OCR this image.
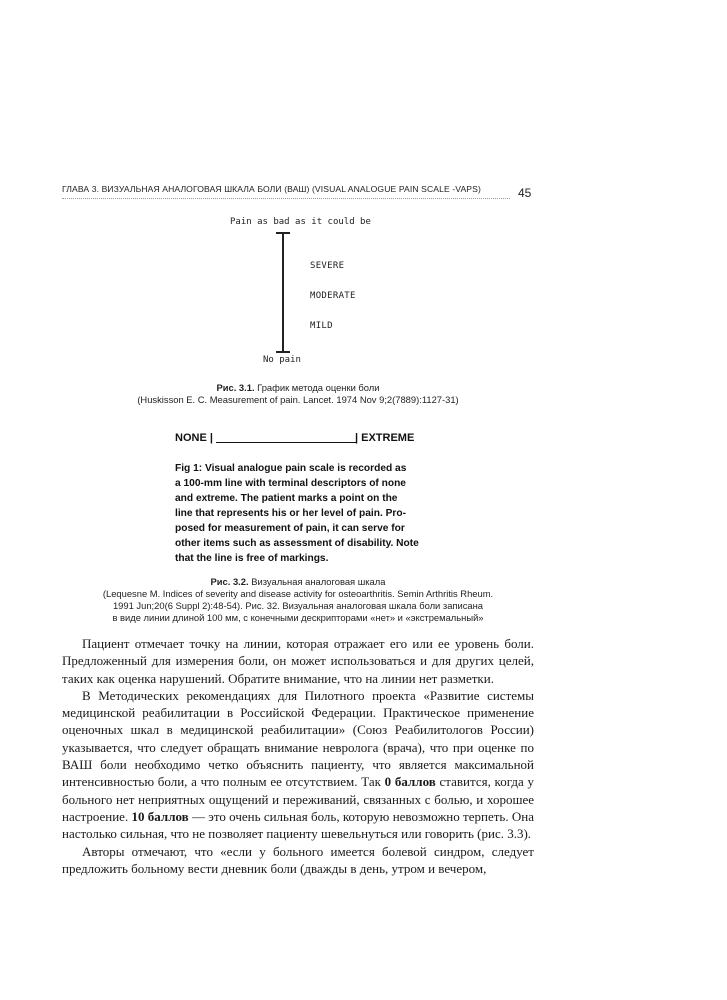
ГЛАВА 3. ВИЗУАЛЬНАЯ АНАЛОГОВАЯ ШКАЛА БОЛИ (ВАШ) (VISUAL ANALOGUE PAIN SCALE -VAPS)	45
Pain as bad as it could be
SEVERE
MODERATE
MILD
No pain
Рис. 3.1. График метода оценки боли
(Huskisson E. C. Measurement of pain. Lancet. 1974 Nov 9;2(7889):1127-31)
NONE |	| EXTREME
Fig 1: Visual analogue pain scale is recorded as
a 100-mm line with terminal descriptors of none
and extreme. The patient marks a point on the
line that represents his or her level of pain. Pro-
posed for measurement of pain, it can serve for
other items such as assessment of disability. Note
that the line is free of markings.
Рис. 3.2. Визуальная аналоговая шкала
(Lequesne M. Indices of severity and disease activity for osteoarthritis. Semin Arthritis Rheum.
1991 Jun;20(6 Suppl 2):48-54). Рис. 32. Визуальная аналоговая шкала боли записана
в виде линии длиной 100 мм, с конечными дескрипторами «нет» и «экстремальный»

Пациент отмечает точку на линии, которая отражает его или ее уровень боли. Предложенный для измерения боли, он может использоваться и для других целей, таких как оценка нарушений. Обратите внимание, что на линии нет разметки.

В Методических рекомендациях для Пилотного проекта «Развитие системы медицинской реабилитации в Российской Федерации. Практическое применение оценочных шкал в медицинской реабилитации» (Союз Реабилитологов России) указывается, что следует обращать внимание невролога (врача), что при оценке по ВАШ боли необходимо четко объяснить пациенту, что является максимальной интенсивностью боли, а что полным ее отсутствием. Так 0 баллов ставится, когда у больного нет неприятных ощущений и переживаний, связанных с болью, и хорошее настроение. 10 баллов — это очень сильная боль, которую невозможно терпеть. Она настолько сильная, что не позволяет пациенту шевельнуться или говорить (рис. 3.3).

Авторы отмечают, что «если у больного имеется болевой синдром, следует предложить больному вести дневник боли (дважды в день, утром и вечером,
